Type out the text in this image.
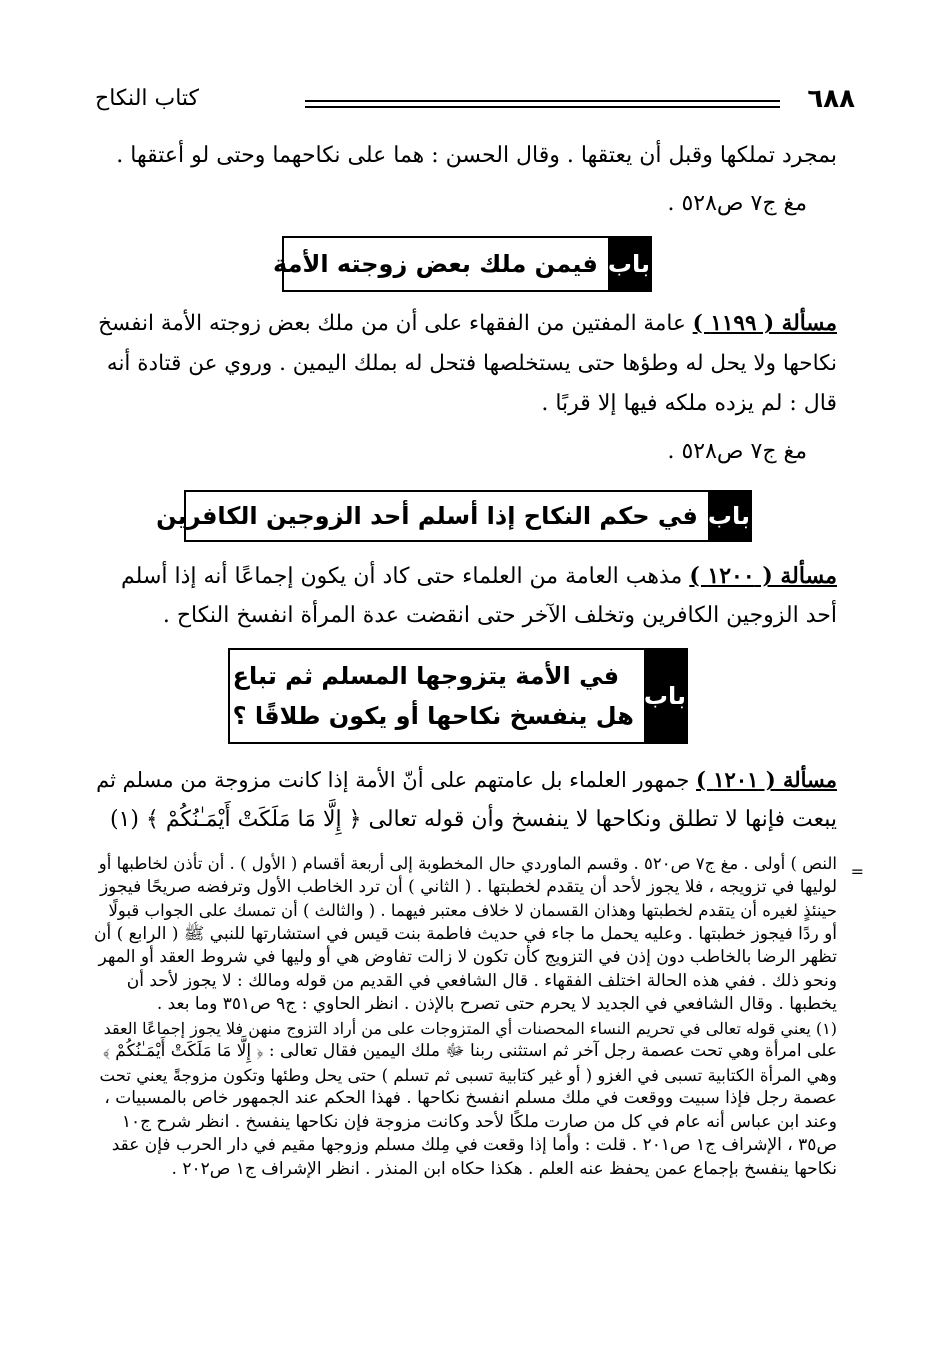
٦٨٨
كتاب النكاح
بمجرد تملكها وقبل أن يعتقها . وقال الحسن : هما على نكاحهما وحتى لو أعتقها .
مغ ج٧ ص٥٢٨ .
باب
فيمن ملك بعض زوجته الأمة
مسألة ( ١١٩٩ ) عامة المفتين من الفقهاء على أن من ملك بعض زوجته الأمة انفسخ
نكاحها ولا يحل له وطؤها حتى يستخلصها فتحل له بملك اليمين . وروي عن قتادة أنه
قال : لم يزده ملكه فيها إلا قربًا .
مغ ج٧ ص٥٢٨ .
باب
في حكم النكاح إذا أسلم أحد الزوجين الكافرين
مسألة ( ١٢٠٠ ) مذهب العامة من العلماء حتى كاد أن يكون إجماعًا أنه إذا أسلم
أحد الزوجين الكافرين وتخلف الآخر حتى انقضت عدة المرأة انفسخ النكاح .
باب
في الأمة يتزوجها المسلم ثم تباع
هل ينفسخ نكاحها أو يكون طلاقًا ؟
مسألة ( ١٢٠١ ) جمهور العلماء بل عامتهم على أنّ الأمة إذا كانت مزوجة من مسلم ثم
يبعت فإنها لا تطلق ونكاحها لا ينفسخ وأن قوله تعالى ﴿ إِلَّا مَا مَلَكَتْ أَيْمَـٰنُكُمْ ﴾ (١)
=
النص ) أولى . مغ ج٧ ص٥٢٠ . وقسم الماوردي حال المخطوبة إلى أربعة أقسام ( الأول ) . أن تأذن لخاطبها أو
لوليها في تزويجه ، فلا يجوز لأحد أن يتقدم لخطبتها . ( الثاني ) أن ترد الخاطب الأول وترفضه صريحًا فيجوز
حينئذٍ لغيره أن يتقدم لخطبتها وهذان القسمان لا خلاف معتبر فيهما . ( والثالث ) أن تمسك على الجواب قبولًا
أو ردًا فيجوز خطبتها . وعليه يحمل ما جاء في حديث فاطمة بنت قيس في استشارتها للنبي ﷺ ( الرابع ) أن
تظهر الرضا بالخاطب دون إذن في التزويج كأن تكون لا زالت تفاوض هي أو وليها في شروط العقد أو المهر
ونحو ذلك . ففي هذه الحالة اختلف الفقهاء . قال الشافعي في القديم من قوله ومالك : لا يجوز لأحد أن
يخطبها . وقال الشافعي في الجديد لا يحرم حتى تصرح بالإذن . انظر الحاوي : ج٩ ص٣٥١ وما بعد .
(١) يعني قوله تعالى في تحريم النساء المحصنات أي المتزوجات على من أراد التزوج منهن فلا يجوز إجماعًا العقد
على امرأة وهي تحت عصمة رجل آخر ثم استثنى ربنا ﷻ ملك اليمين فقال تعالى : ﴿ إِلَّا مَا مَلَكَتْ أَيْمَـٰنُكُمْ ﴾
وهي المرأة الكتابية تسبى في الغزو ( أو غير كتابية تسبى ثم تسلم ) حتى يحل وطئها وتكون مزوجةً يعني تحت
عصمة رجل فإذا سبيت ووقعت في ملك مسلم انفسخ نكاحها . فهذا الحكم عند الجمهور خاص بالمسبيات ،
وعند ابن عباس أنه عام في كل من صارت ملكًا لأحد وكانت مزوجة فإن نكاحها ينفسخ . انظر شرح ج١٠
ص٣٥ ، الإشراف ج١ ص٢٠١ . قلت : وأما إذا وقعت في مِلك مسلم وزوجها مقيم في دار الحرب فإن عقد
نكاحها ينفسخ بإجماع عمن يحفظ عنه العلم . هكذا حكاه ابن المنذر . انظر الإشراف ج١ ص٢٠٢ .
